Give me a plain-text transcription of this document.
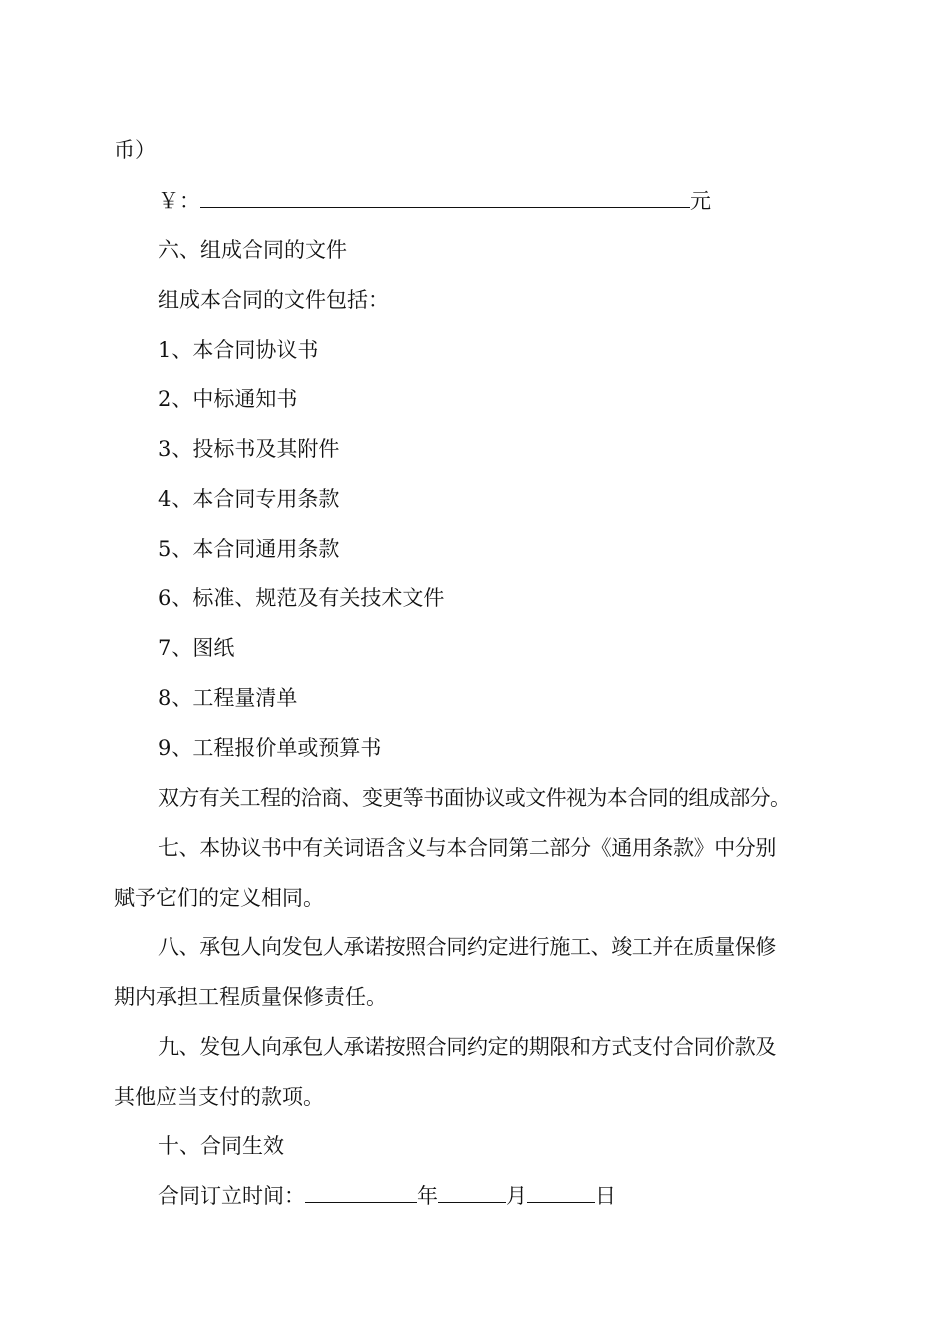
币）
￥：	元
六、组成合同的文件
组成本合同的文件包括：
1、本合同协议书
2、中标通知书
3、投标书及其附件
4、本合同专用条款
5、本合同通用条款
6、标准、规范及有关技术文件
7、图纸
8、工程量清单
9、工程报价单或预算书
双方有关工程的洽商、变更等书面协议或文件视为本合同的组成部分。
七、本协议书中有关词语含义与本合同第二部分《通用条款》中分别
赋予它们的定义相同。
八、承包人向发包人承诺按照合同约定进行施工、竣工并在质量保修
期内承担工程质量保修责任。
九、发包人向承包人承诺按照合同约定的期限和方式支付合同价款及
其他应当支付的款项。
十、合同生效
合同订立时间：	年	月	日
